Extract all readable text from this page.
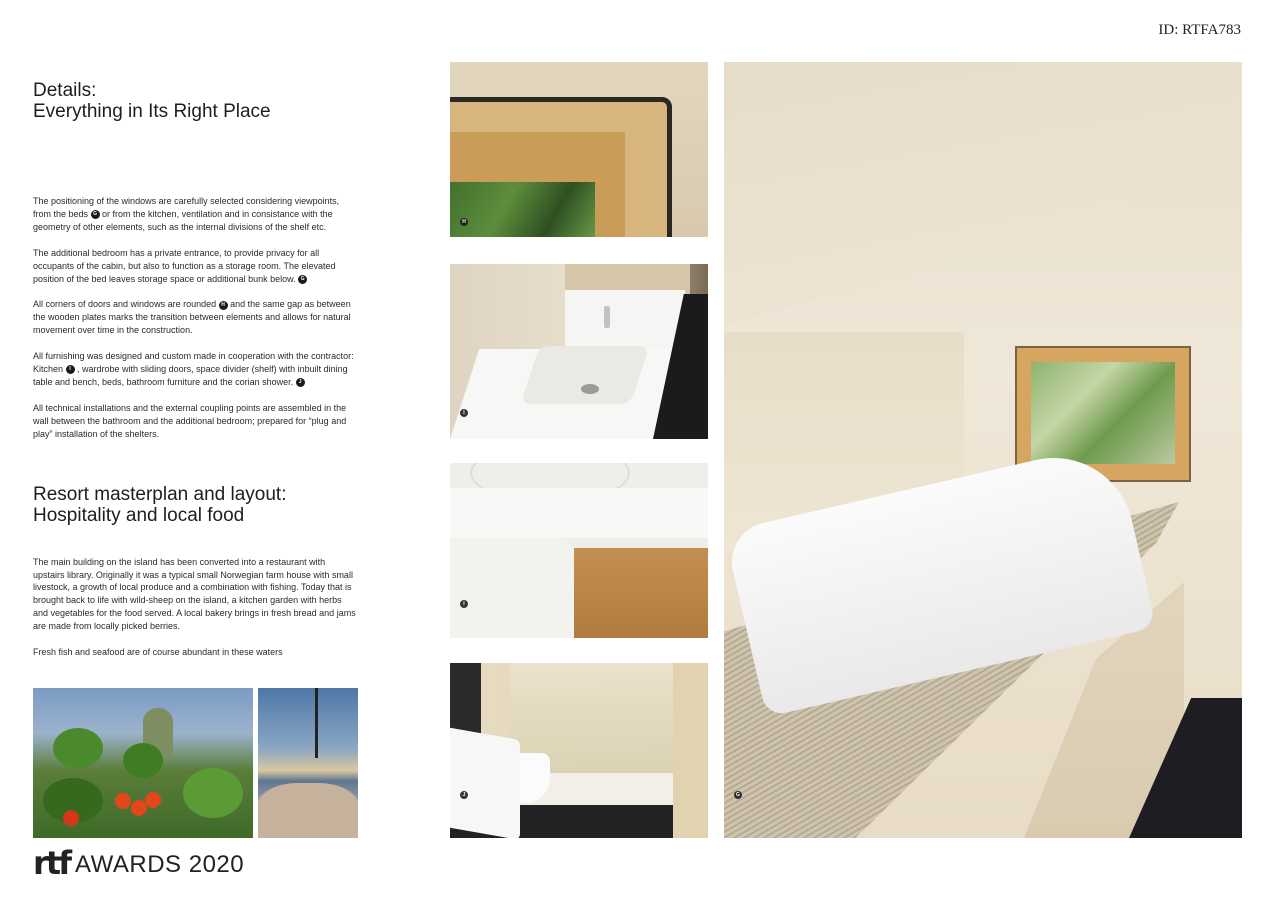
ID: RTFA783
Details:
Everything in Its Right Place

The positioning of the windows are carefully selected considering viewpoints, from the beds G or from the kitchen, ventilation and in consistance with the geometry of other elements, such as the internal divisions of the shelf etc.

The additional bedroom has a private entrance, to provide privacy for all occupants of the cabin, but also to function as a storage room. The elevated position of the bed leaves storage space or additional bunk below. G

All corners of doors and windows are rounded H and the same gap as between the wooden plates marks the transition between elements and allows for natural movement over time in the construction.

All furnishing was designed and custom made in cooperation with the contractor: Kitchen I , wardrobe with sliding doors, space divider (shelf) with inbuilt dining table and bench, beds, bathroom furniture and the corian shower. J

All technical installations and the external coupling points are assembled in the wall between the bathroom and the additional bedroom; prepared for “plug and play” installation of the shelters.

Resort masterplan and layout:
Hospitality and local food

The main building on the island has been converted into a restaurant with upstairs library. Originally it was a typical small Norwegian farm house with small livestock, a growth of local produce and a combination with fishing. Today that is brought back to life with wild-sheep on the island, a kitchen garden with herbs and vegetables for the food served. A local bakery brings in fresh bread and jams are made from locally picked berries.

Fresh fish and seafood are of course abundant in these waters

H
I
I
J	G
rtf AWARDS 2020
